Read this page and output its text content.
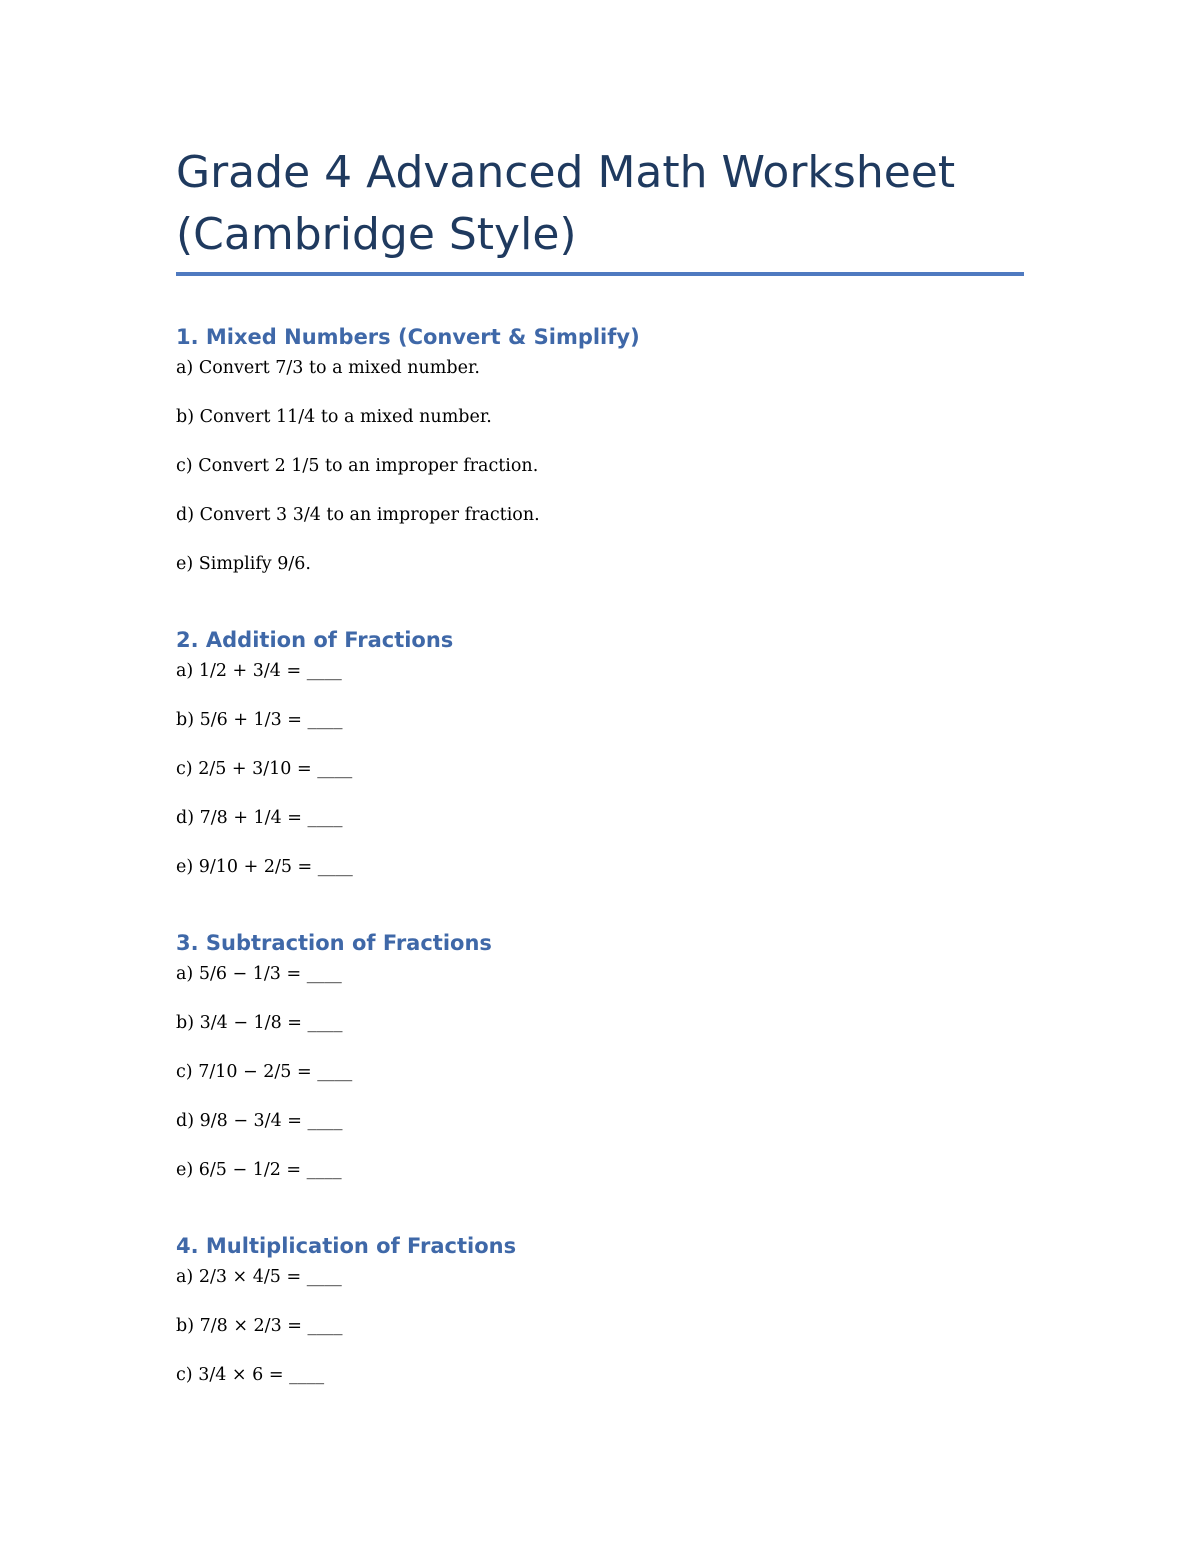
Grade 4 Advanced Math Worksheet
(Cambridge Style)
1. Mixed Numbers (Convert & Simplify)

a) Convert 7/3 to a mixed number.

b) Convert 11/4 to a mixed number.

c) Convert 2 1/5 to an improper fraction.

d) Convert 3 3/4 to an improper fraction.

e) Simplify 9/6.

2. Addition of Fractions

a) 1/2 + 3/4 = ____

b) 5/6 + 1/3 = ____

c) 2/5 + 3/10 = ____

d) 7/8 + 1/4 = ____

e) 9/10 + 2/5 = ____

3. Subtraction of Fractions

a) 5/6 − 1/3 = ____

b) 3/4 − 1/8 = ____

c) 7/10 − 2/5 = ____

d) 9/8 − 3/4 = ____

e) 6/5 − 1/2 = ____

4. Multiplication of Fractions

a) 2/3 × 4/5 = ____

b) 7/8 × 2/3 = ____

c) 3/4 × 6 = ____
